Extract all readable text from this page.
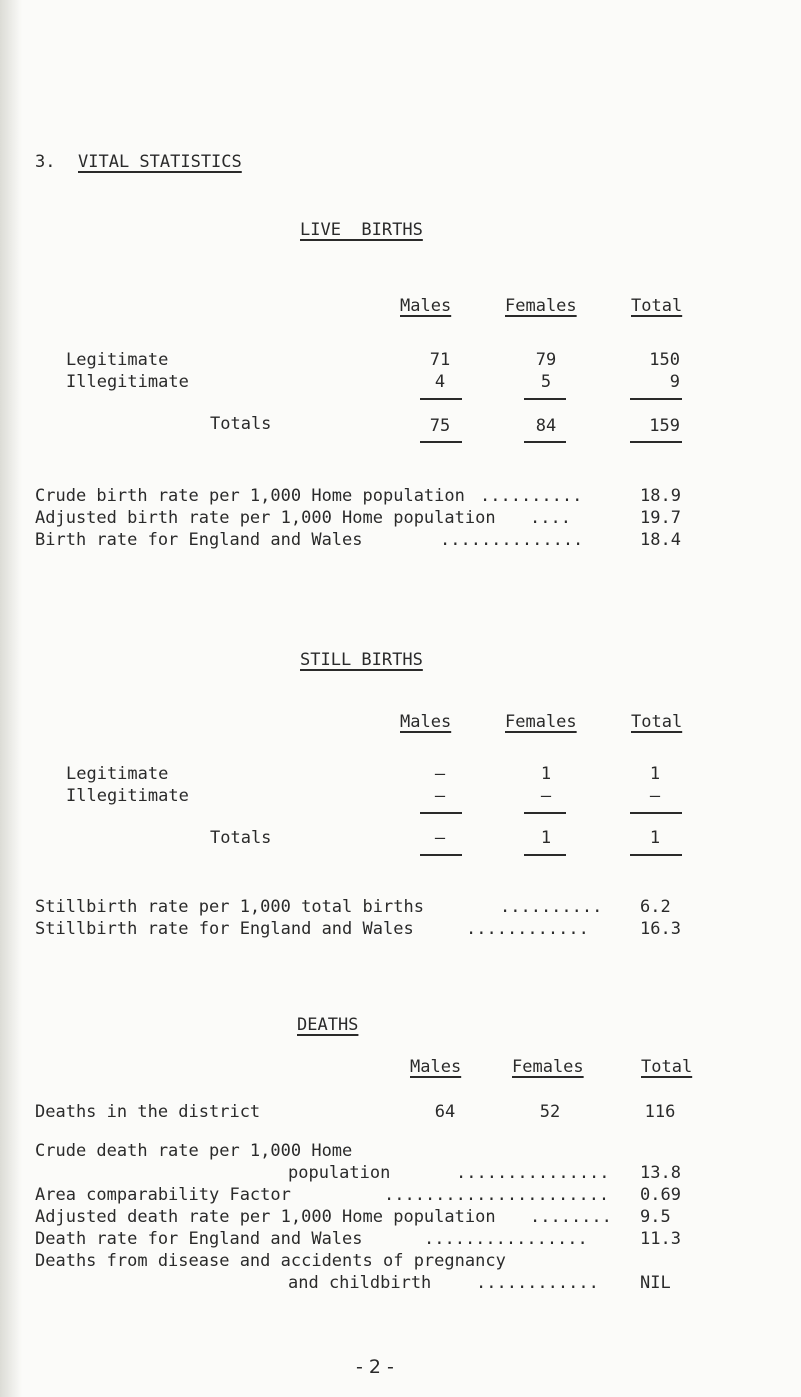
3. VITAL STATISTICS
LIVE  BIRTHS
Males	Females	Total
Legitimate	71	79	150
Illegitimate	4	5	9
Totals	75	84	159
Crude birth rate per 1,000 Home population ..........	18.9
Adjusted birth rate per 1,000 Home population ....	19.7
Birth rate for England and Wales	..............	18.4
STILL BIRTHS
Males	Females	Total
Legitimate	–	1	1
Illegitimate	–	–	–
Totals	–	1	1
Stillbirth rate per 1,000 total births	.......... 6.2
Stillbirth rate for England and Wales	............	16.3
DEATHS
Males	Females	Total
Deaths in the district	64	52	116
Crude death rate per 1,000 Home
population	............... 13.8
Area comparability Factor	...................... 0.69
Adjusted death rate per 1,000 Home population ........ 9.5
Death rate for England and Wales	................	11.3
Deaths from disease and accidents of pregnancy
and childbirth	............ NIL
- 2 -
